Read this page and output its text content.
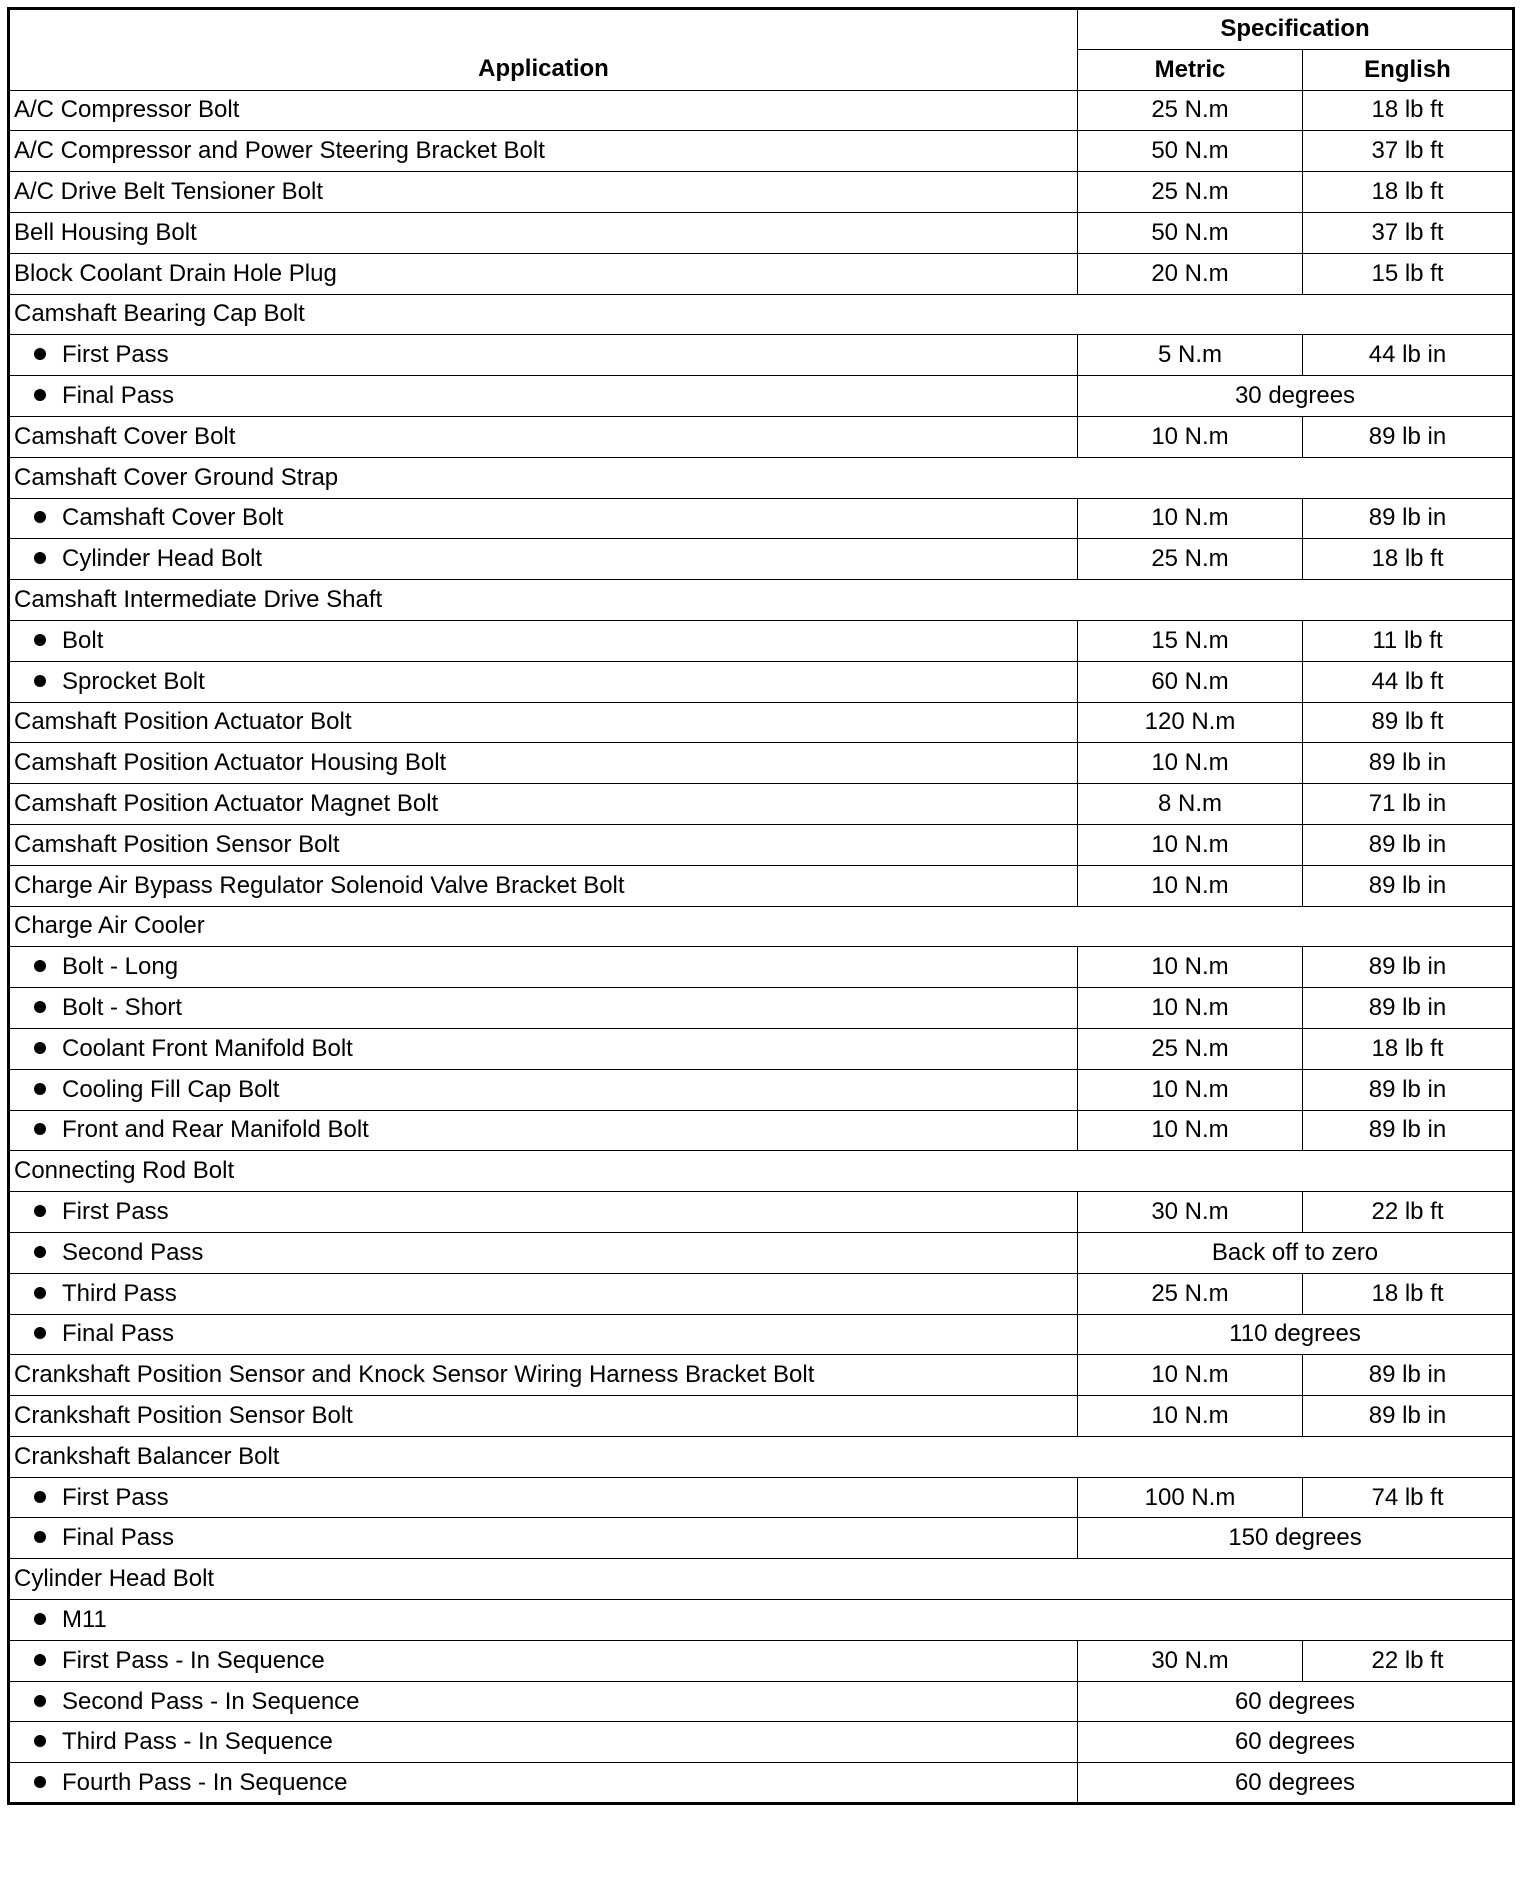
Application	Specification	
	Metric	English
A/C Compressor Bolt	25 N.m	18 lb ft
A/C Compressor and Power Steering Bracket Bolt	50 N.m	37 lb ft
A/C Drive Belt Tensioner Bolt	25 N.m	18 lb ft
Bell Housing Bolt	50 N.m	37 lb ft
Block Coolant Drain Hole Plug	20 N.m	15 lb ft
Camshaft Bearing Cap Bolt		
First Pass	5 N.m	44 lb in
Final Pass	30 degrees	
Camshaft Cover Bolt	10 N.m	89 lb in
Camshaft Cover Ground Strap		
Camshaft Cover Bolt	10 N.m	89 lb in
Cylinder Head Bolt	25 N.m	18 lb ft
Camshaft Intermediate Drive Shaft		
Bolt	15 N.m	11 lb ft
Sprocket Bolt	60 N.m	44 lb ft
Camshaft Position Actuator Bolt	120 N.m	89 lb ft
Camshaft Position Actuator Housing Bolt	10 N.m	89 lb in
Camshaft Position Actuator Magnet Bolt	8 N.m	71 lb in
Camshaft Position Sensor Bolt	10 N.m	89 lb in
Charge Air Bypass Regulator Solenoid Valve Bracket Bolt	10 N.m	89 lb in
Charge Air Cooler		
Bolt - Long	10 N.m	89 lb in
Bolt - Short	10 N.m	89 lb in
Coolant Front Manifold Bolt	25 N.m	18 lb ft
Cooling Fill Cap Bolt	10 N.m	89 lb in
Front and Rear Manifold Bolt	10 N.m	89 lb in
Connecting Rod Bolt		
First Pass	30 N.m	22 lb ft
Second Pass	Back off to zero	
Third Pass	25 N.m	18 lb ft
Final Pass	110 degrees	
Crankshaft Position Sensor and Knock Sensor Wiring Harness Bracket Bolt	10 N.m	89 lb in
Crankshaft Position Sensor Bolt	10 N.m	89 lb in
Crankshaft Balancer Bolt		
First Pass	100 N.m	74 lb ft
Final Pass	150 degrees	
Cylinder Head Bolt		
M11		
First Pass - In Sequence	30 N.m	22 lb ft
Second Pass - In Sequence	60 degrees	
Third Pass - In Sequence	60 degrees	
Fourth Pass - In Sequence	60 degrees	
